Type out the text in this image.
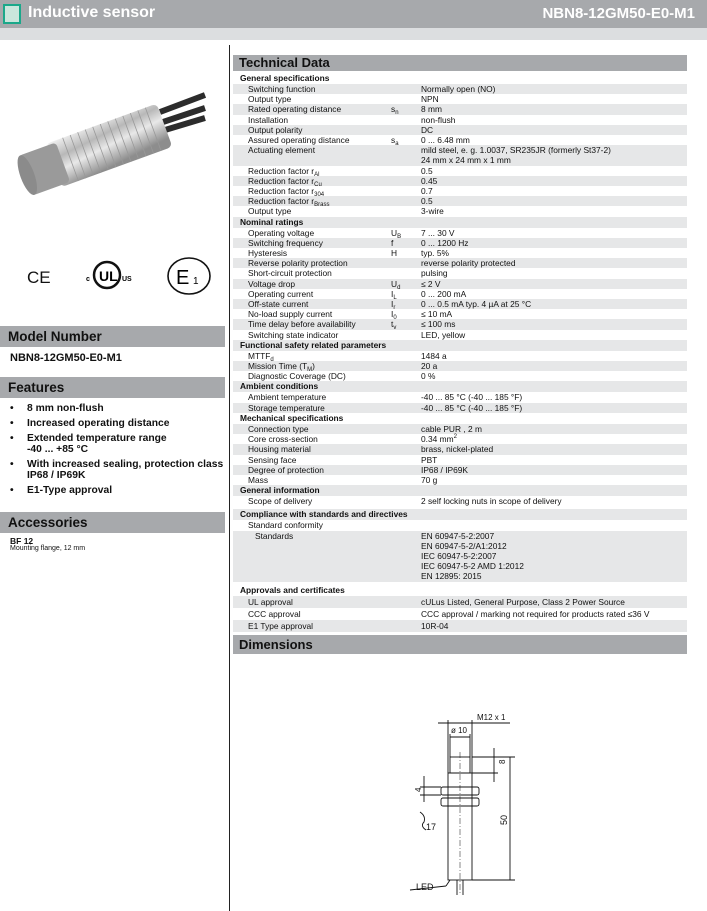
Inductive sensor	NBN8-12GM50-E0-M1
CE	c UL US E 1
Model Number
NBN8-12GM50-E0-M1
Features
• 8 mm non-flush
• Increased operating distance
• Extended temperature range
-40 ... +85 °C
• With increased sealing, protection class
IP68 / IP69K
• E1-Type approval
Accessories
BF 12
Mounting flange, 12 mm
Technical Data
General specifications
Switching function	Normally open (NO)
Output type	NPN
Rated operating distance	$s_n$	8 mm
Installation	non-flush
Output polarity	DC
Assured operating distance	$s_a$	0 ... 6.48 mm
Actuating element	mild steel, e. g. 1.0037, SR235JR (formerly St37-2)
24 mm x 24 mm x 1 mm
Reduction factor $r_{Al}$	0.5
Reduction factor $r_{Cu}$	0.45
Reduction factor $r_{304}$	0.7
Reduction factor $r_{Brass}$	0.5
Output type	3-wire
Nominal ratings
Operating voltage	$U_B$	7 ... 30 V
Switching frequency	f	0 ... 1200 Hz
Hysteresis	H	typ. 5%
Reverse polarity protection	reverse polarity protected
Short-circuit protection	pulsing
Voltage drop	$U_d$	≤ 2 V
Operating current	$I_L$	0 ... 200 mA
Off-state current	$I_r$	0 ... 0.5 mA typ. 4 µA at 25 °C
No-load supply current	$I_0$	≤ 10 mA
Time delay before availability	$t_v$	≤ 100 ms
Switching state indicator	LED, yellow
Functional safety related parameters
$MTTF_d$	1484 a
Mission Time $(T_M)$	20 a
Diagnostic Coverage (DC)	0 %
Ambient conditions
Ambient temperature	-40 ... 85 °C (-40 ... 185 °F)
Storage temperature	-40 ... 85 °C (-40 ... 185 °F)
Mechanical specifications
Connection type	cable PUR , 2 m
Core cross-section	0.34 $mm^2$
Housing material	brass, nickel-plated
Sensing face	PBT
Degree of protection	IP68 / IP69K
Mass	70 g
General information
Scope of delivery	2 self locking nuts in scope of delivery
Compliance with standards and directives
Standard conformity
Standards	EN 60947-5-2:2007
EN 60947-5-2/A1:2012
IEC 60947-5-2:2007
IEC 60947-5-2 AMD 1:2012
EN 12895: 2015
Approvals and certificates
UL approval	cULus Listed, General Purpose, Class 2 Power Source
CCC approval	CCC approval / marking not required for products rated ≤36 V
E1 Type approval	10R-04
Dimensions
M12 x 1
ø 10
8
4
17
50
LED
